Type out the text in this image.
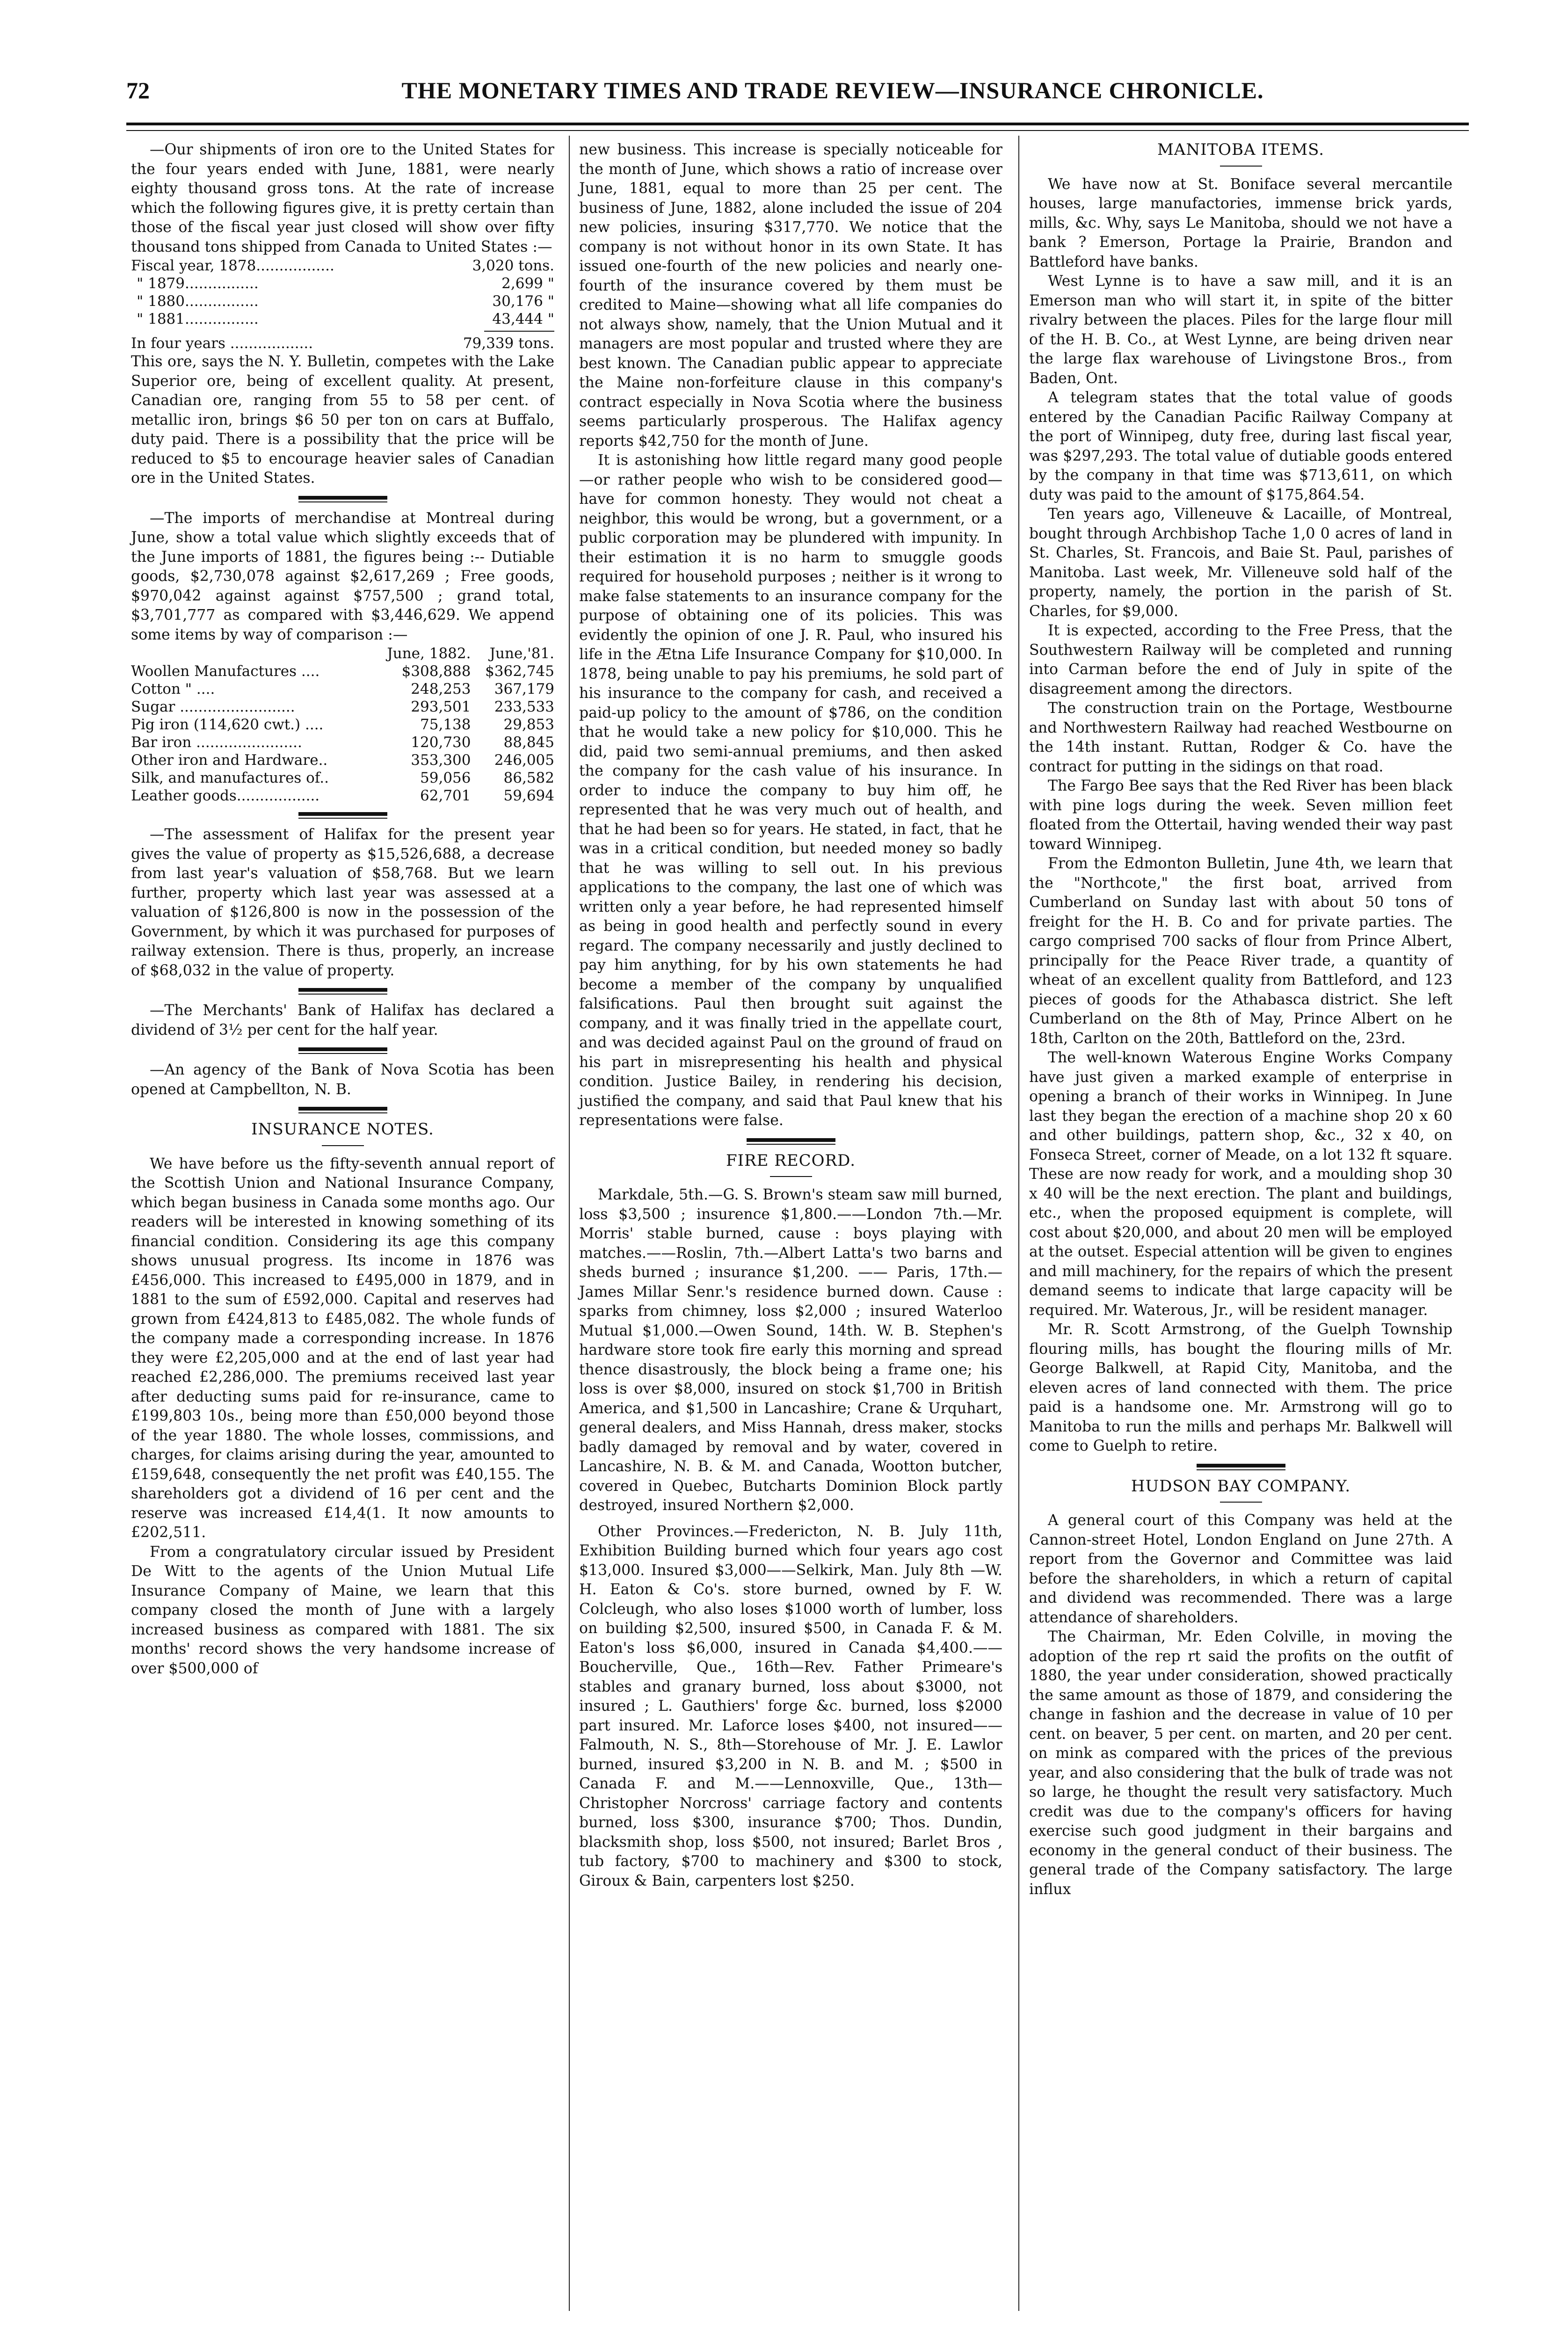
72	THE MONETARY TIMES AND TRADE REVIEW—INSURANCE CHRONICLE.

—Our shipments of iron ore to the United States for the four years ended with June, 1881, were nearly eighty thousand gross tons. At the rate of increase which the following figures give, it is pretty certain than those of the fiscal year just closed will show over fifty thousand tons shipped from Canada to United States :—

Fiscal year, 1878.................	3,020 tons.
" 1879................	2,699 "
" 1880................	30,176 "
" 1881................	43,444 "
In four years ..................	79,339 tons.

This ore, says the N. Y. Bulletin, competes with the Lake Superior ore, being of excellent quality. At present, Canadian ore, ranging from 55 to 58 per cent. of metallic iron, brings $6 50 per ton on cars at Buffalo, duty paid. There is a possibility that the price will be reduced to $5 to encourage heavier sales of Canadian ore in the United States.

—The imports of merchandise at Montreal during June, show a total value which slightly exceeds that of the June imports of 1881, the figures being :-- Dutiable goods, $2,730,078 against $2,617,269 ; Free goods, $970,042 against against $757,500 ; grand total, $3,701,777 as compared with $3,446,629. We append some items by way of comparison :—

	June, 1882.	June,'81.
Woollen Manufactures ....	$308,888	$362,745
Cotton " ....	248,253	367,179
Sugar .........................	293,501	233,533
Pig iron (114,620 cwt.) ....	75,138	29,853
Bar iron .......................	120,730	88,845
Other iron and Hardware..	353,300	246,005
Silk, and manufactures of..	59,056	86,582
Leather goods..................	62,701	59,694

—The assessment of Halifax for the present year gives the value of property as $15,526,688, a decrease from last year's valuation of $58,768. But we learn further, property which last year was assessed at a valuation of $126,800 is now in the possession of the Government, by which it was purchased for purposes of railway extension. There is thus, properly, an increase of $68,032 in the value of property.

—The Merchants' Bank of Halifax has declared a dividend of 3½ per cent for the half year.

—An agency of the Bank of Nova Scotia has been opened at Campbellton, N. B.

INSURANCE NOTES.

We have before us the fifty-seventh annual report of the Scottish Union and National Insurance Company, which began business in Canada some months ago. Our readers will be interested in knowing something of its financial condition. Considering its age this company shows unusual progress. Its income in 1876 was £456,000. This increased to £495,000 in 1879, and in 1881 to the sum of £592,000. Capital and reserves had grown from £424,813 to £485,082. The whole funds of the company made a corresponding increase. In 1876 they were £2,205,000 and at the end of last year had reached £2,286,000. The premiums received last year after deducting sums paid for re-insurance, came to £199,803 10s., being more than £50,000 beyond those of the year 1880. The whole losses, commissions, and charges, for claims arising during the year, amounted to £159,648, consequently the net profit was £40,155. The shareholders got a dividend of 16 per cent and the reserve was increased £14,4(1. It now amounts to £202,511.

From a congratulatory circular issued by President De Witt to the agents of the Union Mutual Life Insurance Company of Maine, we learn that this company closed the month of June with a largely increased business as compared with 1881. The six months' record shows the very handsome increase of over $500,000 of

new business. This increase is specially noticeable for the month of June, which shows a ratio of increase over June, 1881, equal to more than 25 per cent. The business of June, 1882, alone included the issue of 204 new policies, insuring $317,770. We notice that the company is not without honor in its own State. It has issued one-fourth of the new policies and nearly one-fourth of the insurance covered by them must be credited to Maine—showing what all life companies do not always show, namely, that the Union Mutual and it managers are most popular and trusted where they are best known. The Canadian public appear to appreciate the Maine non-forfeiture clause in this company's contract especially in Nova Scotia where the business seems particularly prosperous. The Halifax agency reports $42,750 for the month of June.

It is astonishing how little regard many good people—or rather people who wish to be considered good—have for common honesty. They would not cheat a neighbor, this would be wrong, but a government, or a public corporation may be plundered with impunity. In their estimation it is no harm to smuggle goods required for household purposes ; neither is it wrong to make false statements to an insurance company for the purpose of obtaining one of its policies. This was evidently the opinion of one J. R. Paul, who insured his life in the Ætna Life Insurance Company for $10,000. In 1878, being unable to pay his premiums, he sold part of his insurance to the company for cash, and received a paid-up policy to the amount of $786, on the condition that he would take a new policy for $10,000. This he did, paid two semi-annual premiums, and then asked the company for the cash value of his insurance. In order to induce the company to buy him off, he represented that he was very much out of health, and that he had been so for years. He stated, in fact, that he was in a critical condition, but needed money so badly that he was willing to sell out. In his previous applications to the company, the last one of which was written only a year before, he had represented himself as being in good health and perfectly sound in every regard. The company necessarily and justly declined to pay him anything, for by his own statements he had become a member of the company by unqualified falsifications. Paul then brought suit against the company, and it was finally tried in the appellate court, and was decided against Paul on the ground of fraud on his part in misrepresenting his health and physical condition. Justice Bailey, in rendering his decision, justified the company, and said that Paul knew that his representations were false.

FIRE RECORD.

Markdale, 5th.—G. S. Brown's steam saw mill burned, loss $3,500 ; insurence $1,800.——London 7th.—Mr. Morris' stable burned, cause : boys playing with matches.——Roslin, 7th.—Albert Latta's two barns and sheds burned ; insurance $1,200. —— Paris, 17th.—James Millar Senr.'s residence burned down. Cause : sparks from chimney, loss $2,000 ; insured Waterloo Mutual $1,000.—Owen Sound, 14th. W. B. Stephen's hardware store took fire early this morning and spread thence disastrously, the block being a frame one; his loss is over $8,000, insured on stock $1,700 in British America, and $1,500 in Lancashire; Crane & Urquhart, general dealers, and Miss Hannah, dress maker, stocks badly damaged by removal and by water, covered in Lancashire, N. B. & M. and Canada, Wootton butcher, covered in Quebec, Butcharts Dominion Block partly destroyed, insured Northern $2,000.

Other Provinces.—Fredericton, N. B. July 11th, Exhibition Building burned which four years ago cost $13,000. Insured $3,000——Selkirk, Man. July 8th —W. H. Eaton & Co's. store burned, owned by F. W. Colcleugh, who also loses $1000 worth of lumber, loss on building $2,500, insured $500, in Canada F. & M. Eaton's loss $6,000, insured in Canada $4,400.——Boucherville, Que., 16th—Rev. Father Primeare's stables and granary burned, loss about $3000, not insured ; L. Gauthiers' forge &c. burned, loss $2000 part insured. Mr. Laforce loses $400, not insured——Falmouth, N. S., 8th—Storehouse of Mr. J. E. Lawlor burned, insured $3,200 in N. B. and M. ; $500 in Canada F. and M.——Lennoxville, Que., 13th—Christopher Norcross' carriage factory and contents burned, loss $300, insurance $700; Thos. Dundin, blacksmith shop, loss $500, not insured; Barlet Bros , tub factory, $700 to machinery and $300 to stock, Giroux & Bain, carpenters lost $250.

MANITOBA ITEMS.

We have now at St. Boniface several mercantile houses, large manufactories, immense brick yards, mills, &c. Why, says Le Manitoba, should we not have a bank ? Emerson, Portage la Prairie, Brandon and Battleford have banks.

West Lynne is to have a saw mill, and it is an Emerson man who will start it, in spite of the bitter rivalry between the places. Piles for the large flour mill of the H. B. Co., at West Lynne, are being driven near the large flax warehouse of Livingstone Bros., from Baden, Ont.

A telegram states that the total value of goods entered by the Canadian Pacific Railway Company at the port of Winnipeg, duty free, during last fiscal year, was $297,293. The total value of dutiable goods entered by the company in that time was $713,611, on which duty was paid to the amount of $175,864.54.

Ten years ago, Villeneuve & Lacaille, of Montreal, bought through Archbishop Tache 1,0 0 acres of land in St. Charles, St. Francois, and Baie St. Paul, parishes of Manitoba. Last week, Mr. Villeneuve sold half of the property, namely, the portion in the parish of St. Charles, for $9,000.

It is expected, according to the Free Press, that the Southwestern Railway will be completed and running into Carman before the end of July in spite of the disagreement among the directors.

The construction train on the Portage, Westbourne and Northwestern Railway had reached Westbourne on the 14th instant. Ruttan, Rodger & Co. have the contract for putting in the sidings on that road.

The Fargo Bee says that the Red River has been black with pine logs during the week. Seven million feet floated from the Ottertail, having wended their way past toward Winnipeg.

From the Edmonton Bulletin, June 4th, we learn that the "Northcote," the first boat, arrived from Cumberland on Sunday last with about 50 tons of freight for the H. B. Co and for private parties. The cargo comprised 700 sacks of flour from Prince Albert, principally for the Peace River trade, a quantity of wheat of an excellent quality from Battleford, and 123 pieces of goods for the Athabasca district. She left Cumberland on the 8th of May, Prince Albert on he 18th, Carlton on the 20th, Battleford on the, 23rd.

The well-known Waterous Engine Works Company have just given a marked example of enterprise in opening a branch of their works in Winnipeg. In June last they began the erection of a machine shop 20 x 60 and other buildings, pattern shop, &c., 32 x 40, on Fonseca Street, corner of Meade, on a lot 132 ft square. These are now ready for work, and a moulding shop 30 x 40 will be the next erection. The plant and buildings, etc., when the proposed equipment is complete, will cost about $20,000, and about 20 men will be employed at the outset. Especial attention will be given to engines and mill machinery, for the repairs of which the present demand seems to indicate that large capacity will be required. Mr. Waterous, Jr., will be resident manager.

Mr. R. Scott Armstrong, of the Guelph Township flouring mills, has bought the flouring mills of Mr. George Balkwell, at Rapid City, Manitoba, and the eleven acres of land connected with them. The price paid is a handsome one. Mr. Armstrong will go to Manitoba to run the mills and perhaps Mr. Balkwell will come to Guelph to retire.

HUDSON BAY COMPANY.

A general court of this Company was held at the Cannon-street Hotel, London England on June 27th. A report from the Governor and Committee was laid before the shareholders, in which a return of capital and dividend was recommended. There was a large attendance of shareholders.

The Chairman, Mr. Eden Colville, in moving the adoption of the rep rt said the profits on the outfit of 1880, the year under consideration, showed practically the same amount as those of 1879, and considering the change in fashion and the decrease in value of 10 per cent. on beaver, 5 per cent. on marten, and 20 per cent. on mink as compared with the prices of the previous year, and also considering that the bulk of trade was not so large, he thought the result very satisfactory. Much credit was due to the company's officers for having exercise such good judgment in their bargains and economy in the general conduct of their business. The general trade of the Company satisfactory. The large influx
